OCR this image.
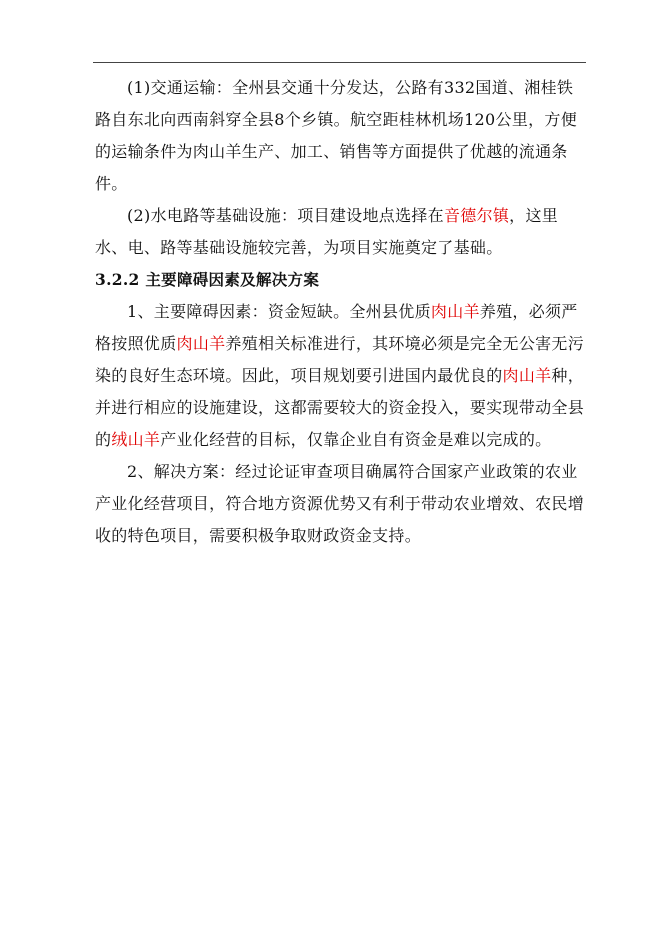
(1)交通运输：全州县交通十分发达，公路有332国道、湘桂铁路自东北向西南斜穿全县8个乡镇。航空距桂林机场120公里，方便的运输条件为肉山羊生产、加工、销售等方面提供了优越的流通条件。

(2)水电路等基础设施：项目建设地点选择在音德尔镇，这里水、电、路等基础设施较完善，为项目实施奠定了基础。

3.2.2 主要障碍因素及解决方案

1、主要障碍因素：资金短缺。全州县优质肉山羊养殖，必须严格按照优质肉山羊养殖相关标准进行，其环境必须是完全无公害无污染的良好生态环境。因此，项目规划要引进国内最优良的肉山羊种，并进行相应的设施建设，这都需要较大的资金投入，要实现带动全县的绒山羊产业化经营的目标，仅靠企业自有资金是难以完成的。

2、解决方案：经过论证审查项目确属符合国家产业政策的农业产业化经营项目，符合地方资源优势又有利于带动农业增效、农民增收的特色项目，需要积极争取财政资金支持。
